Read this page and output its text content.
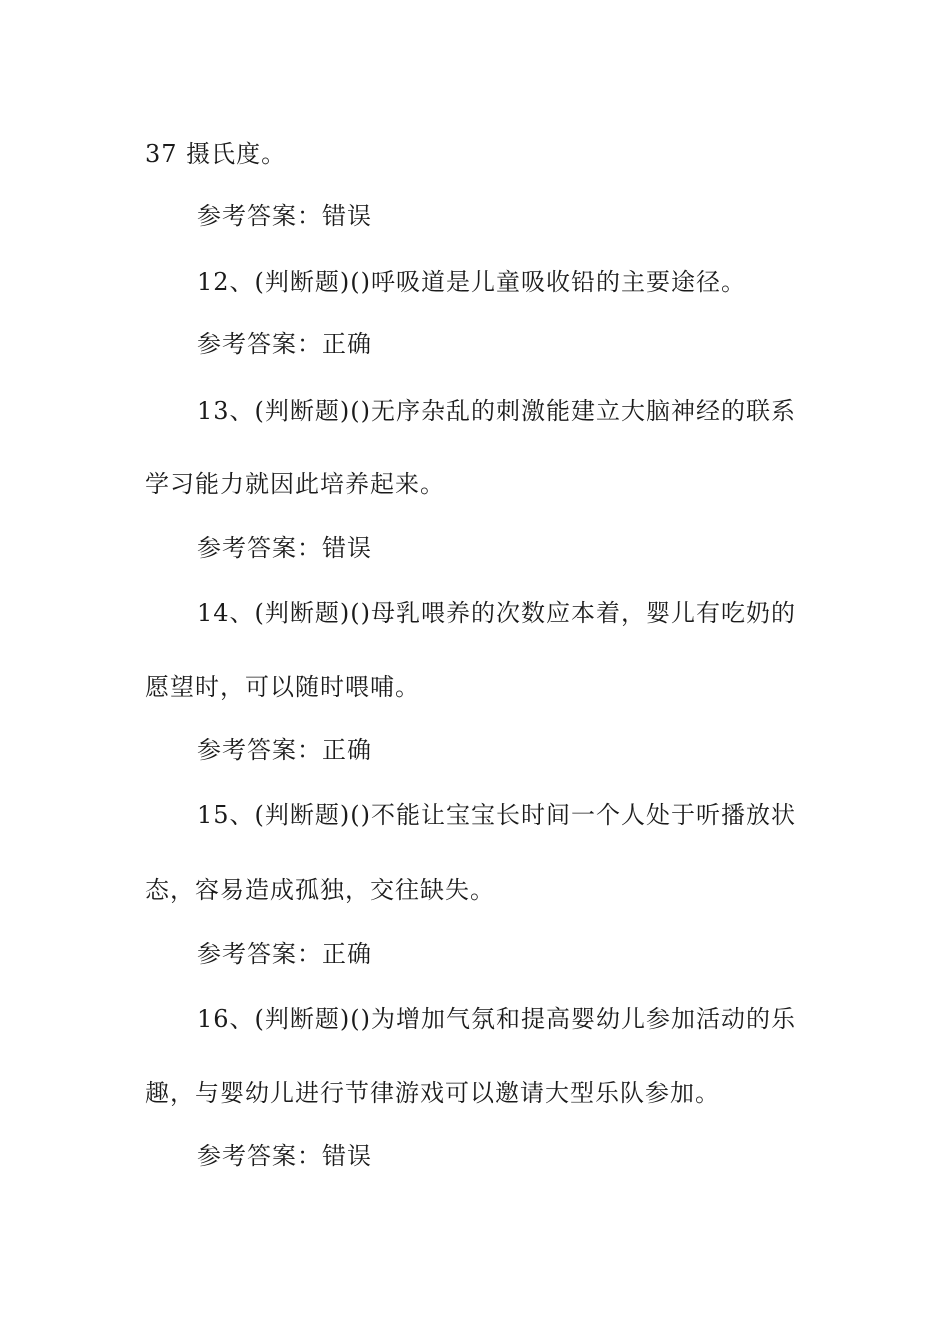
37 摄氏度。
参考答案：错误
12、(判断题)()呼吸道是儿童吸收铅的主要途径。
参考答案：正确
13、(判断题)()无序杂乱的刺激能建立大脑神经的联系
学习能力就因此培养起来。
参考答案：错误
14、(判断题)()母乳喂养的次数应本着，婴儿有吃奶的
愿望时，可以随时喂哺。
参考答案：正确
15、(判断题)()不能让宝宝长时间一个人处于听播放状
态，容易造成孤独，交往缺失。
参考答案：正确
16、(判断题)()为增加气氛和提高婴幼儿参加活动的乐
趣，与婴幼儿进行节律游戏可以邀请大型乐队参加。
参考答案：错误
